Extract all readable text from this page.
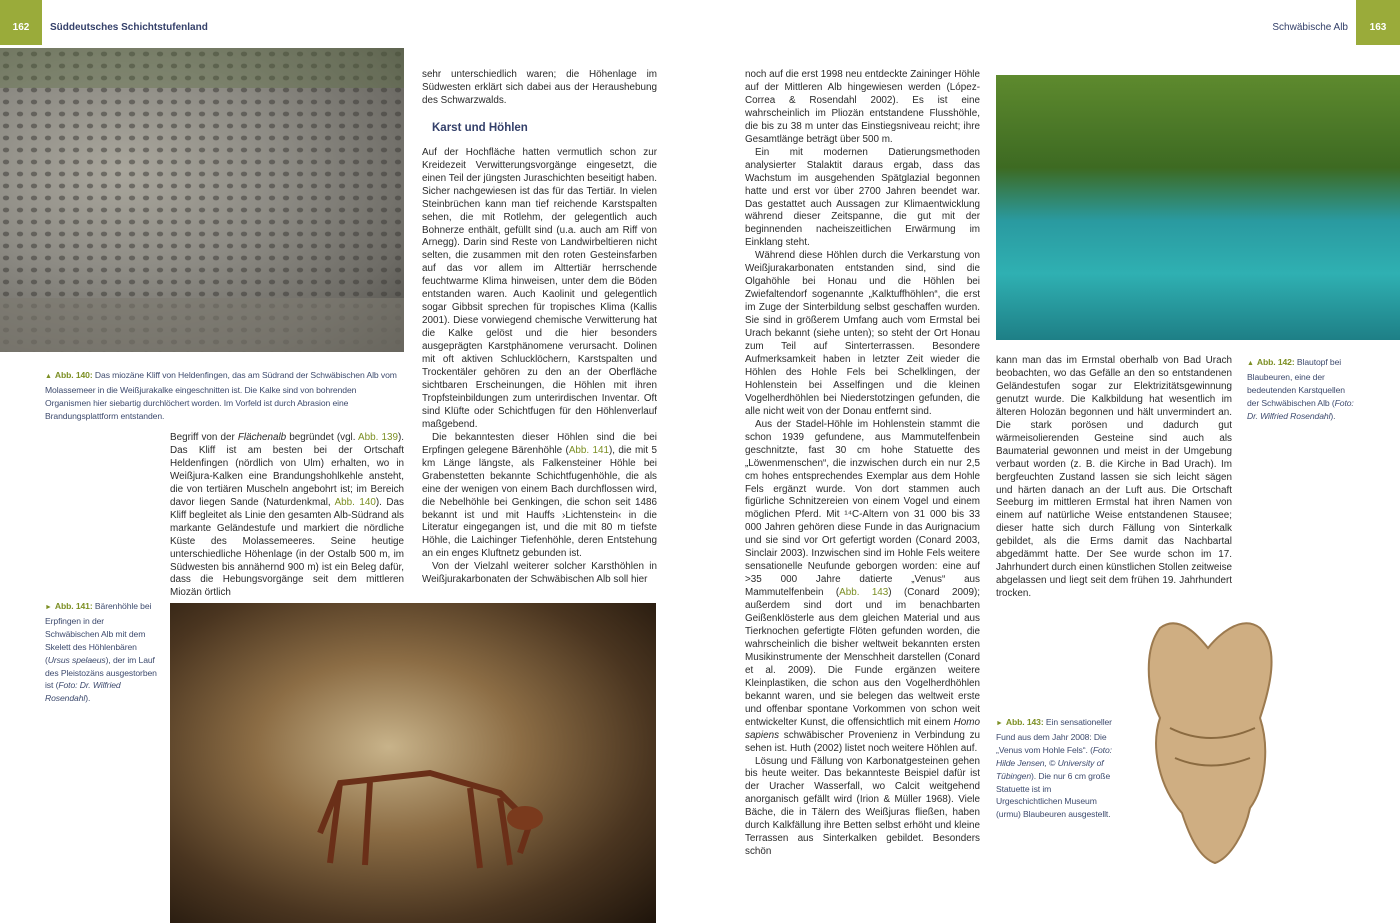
162	Süddeutsches Schichtstufenland	Schwäbische Alb	163
▲ Abb. 140: Das miozäne Kliff von Heldenfingen, das am Südrand der Schwäbischen Alb vom Molassemeer in die Weißjurakalke eingeschnitten ist. Die Kalke sind von bohrenden Organismen hier siebartig durchlöchert worden. Im Vorfeld ist durch Abrasion eine Brandungsplattform entstanden.
► Abb. 141: Bärenhöhle bei Erpfingen in der Schwäbischen Alb mit dem Skelett des Höhlenbären (Ursus spelaeus), der im Lauf des Pleistozäns ausgestorben ist (Foto: Dr. Wilfried Rosendahl).
▲ Abb. 142: Blautopf bei Blaubeuren, eine der bedeutenden Karstquellen der Schwäbischen Alb (Foto: Dr. Wilfried Rosendahl).
► Abb. 143: Ein sensationeller Fund aus dem Jahr 2008: Die „Venus vom Hohle Fels“. (Foto: Hilde Jensen, © University of Tübingen). Die nur 6 cm große Statuette ist im Urgeschichtlichen Museum (urmu) Blaubeuren ausgestellt.

Begriff von der Flächenalb begründet (vgl. Abb. 139). Das Kliff ist am besten bei der Ortschaft Heldenfingen (nördlich von Ulm) erhalten, wo in Weißjura-Kalken eine Brandungshohlkehle ansteht, die von tertiären Muscheln angebohrt ist; im Bereich davor liegen Sande (Naturdenkmal, Abb. 140). Das Kliff begleitet als Linie den gesamten Alb-Südrand als markante Geländestufe und markiert die nördliche Küste des Molassemeeres. Seine heutige unterschiedliche Höhenlage (in der Ostalb 500 m, im Südwesten bis annähernd 900 m) ist ein Beleg dafür, dass die Hebungsvorgänge seit dem mittleren Miozän örtlich

sehr unterschiedlich waren; die Höhenlage im Südwesten erklärt sich dabei aus der Heraushebung des Schwarzwalds.

Karst und Höhlen

Auf der Hochfläche hatten vermutlich schon zur Kreidezeit Verwitterungsvorgänge eingesetzt, die einen Teil der jüngsten Juraschichten beseitigt haben. Sicher nachgewiesen ist das für das Tertiär. In vielen Steinbrüchen kann man tief reichende Karstspalten sehen, die mit Rotlehm, der gelegentlich auch Bohnerze enthält, gefüllt sind (u.a. auch am Riff von Arnegg). Darin sind Reste von Landwirbeltieren nicht selten, die zusammen mit den roten Gesteinsfarben auf das vor allem im Alttertiär herrschende feuchtwarme Klima hinweisen, unter dem die Böden entstanden waren. Auch Kaolinit und gelegentlich sogar Gibbsit sprechen für tropisches Klima (Kallis 2001). Diese vorwiegend chemische Verwitterung hat die Kalke gelöst und die hier besonders ausgeprägten Karstphänomene verursacht. Dolinen mit oft aktiven Schlucklöchern, Karstspalten und Trockentäler gehören zu den an der Oberfläche sichtbaren Erscheinungen, die Höhlen mit ihren Tropfsteinbildungen zum unterirdischen Inventar. Oft sind Klüfte oder Schichtfugen für den Höhlenverlauf maßgebend.

Die bekanntesten dieser Höhlen sind die bei Erpfingen gelegene Bärenhöhle (Abb. 141), die mit 5 km Länge längste, als Falkensteiner Höhle bei Grabenstetten bekannte Schichtfugenhöhle, die als eine der wenigen von einem Bach durchflossen wird, die Nebelhöhle bei Genkingen, die schon seit 1486 bekannt ist und mit Hauffs ›Lichtenstein‹ in die Literatur eingegangen ist, und die mit 80 m tiefste Höhle, die Laichinger Tiefenhöhle, deren Entstehung an ein enges Kluftnetz gebunden ist.

Von der Vielzahl weiterer solcher Karsthöhlen in Weißjurakarbonaten der Schwäbischen Alb soll hier

noch auf die erst 1998 neu entdeckte Zaininger Höhle auf der Mittleren Alb hingewiesen werden (López-Correa & Rosendahl 2002). Es ist eine wahrscheinlich im Pliozän entstandene Flusshöhle, die bis zu 38 m unter das Einstiegsniveau reicht; ihre Gesamtlänge beträgt über 500 m.

Ein mit modernen Datierungsmethoden analysierter Stalaktit daraus ergab, dass das Wachstum im ausgehenden Spätglazial begonnen hatte und erst vor über 2700 Jahren beendet war. Das gestattet auch Aussagen zur Klimaentwicklung während dieser Zeitspanne, die gut mit der beginnenden nacheiszeitlichen Erwärmung im Einklang steht.

Während diese Höhlen durch die Verkarstung von Weißjurakarbonaten entstanden sind, sind die Olgahöhle bei Honau und die Höhlen bei Zwiefaltendorf sogenannte „Kalktuffhöhlen“, die erst im Zuge der Sinterbildung selbst geschaffen wurden. Sie sind in größerem Umfang auch vom Ermstal bei Urach bekannt (siehe unten); so steht der Ort Honau zum Teil auf Sinterterrassen. Besondere Aufmerksamkeit haben in letzter Zeit wieder die Höhlen des Hohle Fels bei Schelklingen, der Hohlenstein bei Asselfingen und die kleinen Vogelherdhöhlen bei Niederstotzingen gefunden, die alle nicht weit von der Donau entfernt sind.

Aus der Stadel-Höhle im Hohlenstein stammt die schon 1939 gefundene, aus Mammutelfenbein geschnitzte, fast 30 cm hohe Statuette des „Löwenmenschen“, die inzwischen durch ein nur 2,5 cm hohes entsprechendes Exemplar aus dem Hohle Fels ergänzt wurde. Von dort stammen auch figürliche Schnitzereien von einem Vogel und einem möglichen Pferd. Mit ¹⁴C-Altern von 31 000 bis 33 000 Jahren gehören diese Funde in das Aurignacium und sie sind vor Ort gefertigt worden (Conard 2003, Sinclair 2003). Inzwischen sind im Hohle Fels weitere sensationelle Neufunde geborgen worden: eine auf >35 000 Jahre datierte „Venus“ aus Mammutelfenbein (Abb. 143) (Conard 2009); außerdem sind dort und im benachbarten Geißenklösterle aus dem gleichen Material und aus Tierknochen gefertigte Flöten gefunden worden, die wahrscheinlich die bisher weltweit bekannten ersten Musikinstrumente der Menschheit darstellen (Conard et al. 2009). Die Funde ergänzen weitere Kleinplastiken, die schon aus den Vogelherdhöhlen bekannt waren, und sie belegen das weltweit erste und offenbar spontane Vorkommen von schon weit entwickelter Kunst, die offensichtlich mit einem Homo sapiens schwäbischer Provenienz in Verbindung zu sehen ist. Huth (2002) listet noch weitere Höhlen auf.

Lösung und Fällung von Karbonatgesteinen gehen bis heute weiter. Das bekannteste Beispiel dafür ist der Uracher Wasserfall, wo Calcit weitgehend anorganisch gefällt wird (Irion & Müller 1968). Viele Bäche, die in Tälern des Weißjuras fließen, haben durch Kalkfällung ihre Betten selbst erhöht und kleine Terrassen aus Sinterkalken gebildet. Besonders schön

kann man das im Ermstal oberhalb von Bad Urach beobachten, wo das Gefälle an den so entstandenen Geländestufen sogar zur Elektrizitätsgewinnung genutzt wurde. Die Kalkbildung hat wesentlich im älteren Holozän begonnen und hält unvermindert an. Die stark porösen und dadurch gut wärmeisolierenden Gesteine sind auch als Baumaterial gewonnen und meist in der Umgebung verbaut worden (z. B. die Kirche in Bad Urach). Im bergfeuchten Zustand lassen sie sich leicht sägen und härten danach an der Luft aus. Die Ortschaft Seeburg im mittleren Ermstal hat ihren Namen von einem auf natürliche Weise entstandenen Stausee; dieser hatte sich durch Fällung von Sinterkalk gebildet, als die Erms damit das Nachbartal abgedämmt hatte. Der See wurde schon im 17. Jahrhundert durch einen künstlichen Stollen zeitweise abgelassen und liegt seit dem frühen 19. Jahrhundert trocken.
